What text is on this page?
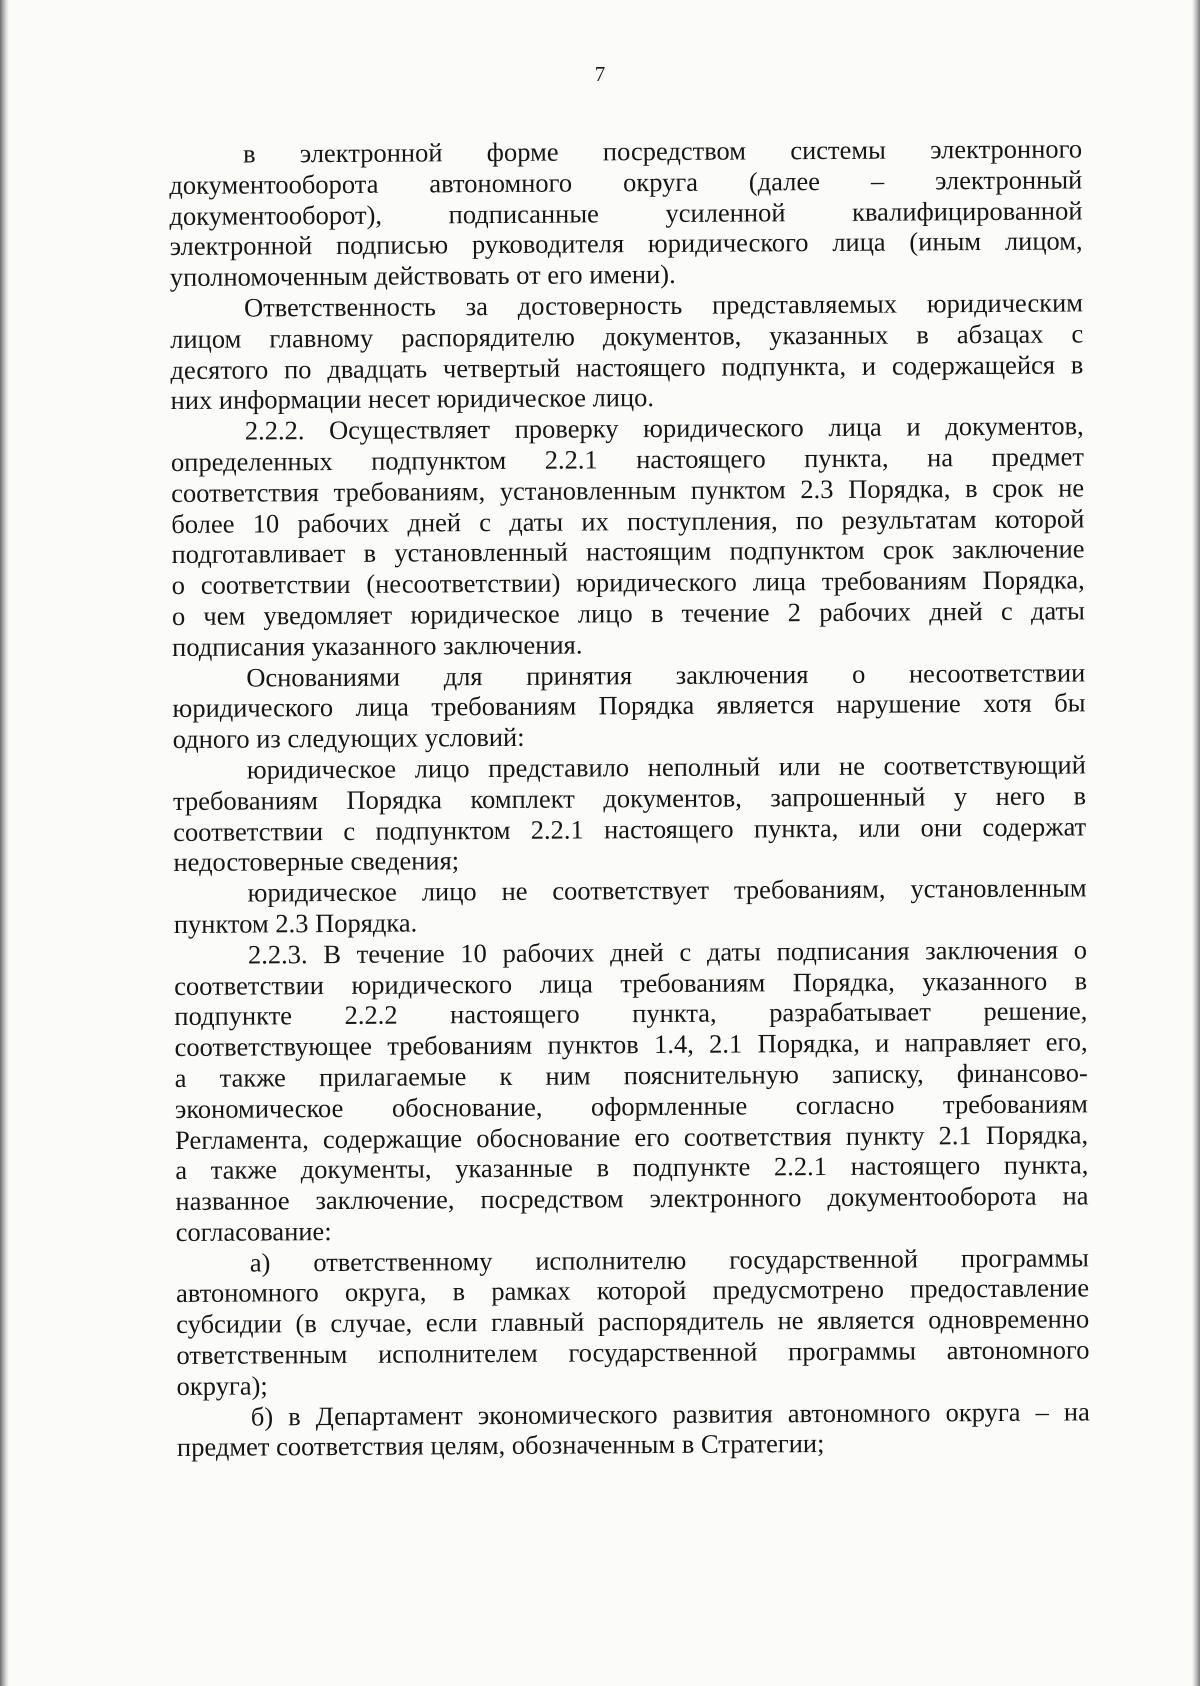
7
в электронной форме посредством системы электронного
документооборота автономного округа (далее – электронный
документооборот), подписанные усиленной квалифицированной
электронной подписью руководителя юридического лица (иным лицом,
уполномоченным действовать от его имени).
Ответственность за достоверность представляемых юридическим
лицом главному распорядителю документов, указанных в абзацах с
десятого по двадцать четвертый настоящего подпункта, и содержащейся в
них информации несет юридическое лицо.
2.2.2. Осуществляет проверку юридического лица и документов,
определенных подпунктом 2.2.1 настоящего пункта, на предмет
соответствия требованиям, установленным пунктом 2.3 Порядка, в срок не
более 10 рабочих дней с даты их поступления, по результатам которой
подготавливает в установленный настоящим подпунктом срок заключение
о соответствии (несоответствии) юридического лица требованиям Порядка,
о чем уведомляет юридическое лицо в течение 2 рабочих дней с даты
подписания указанного заключения.
Основаниями для принятия заключения о несоответствии
юридического лица требованиям Порядка является нарушение хотя бы
одного из следующих условий:
юридическое лицо представило неполный или не соответствующий
требованиям Порядка комплект документов, запрошенный у него в
соответствии с подпунктом 2.2.1 настоящего пункта, или они содержат
недостоверные сведения;
юридическое лицо не соответствует требованиям, установленным
пунктом 2.3 Порядка.
2.2.3. В течение 10 рабочих дней с даты подписания заключения о
соответствии юридического лица требованиям Порядка, указанного в
подпункте 2.2.2 настоящего пункта, разрабатывает решение,
соответствующее требованиям пунктов 1.4, 2.1 Порядка, и направляет его,
а также прилагаемые к ним пояснительную записку, финансово-
экономическое обоснование, оформленные согласно требованиям
Регламента, содержащие обоснование его соответствия пункту 2.1 Порядка,
а также документы, указанные в подпункте 2.2.1 настоящего пункта,
названное заключение, посредством электронного документооборота на
согласование:
а) ответственному исполнителю государственной программы
автономного округа, в рамках которой предусмотрено предоставление
субсидии (в случае, если главный распорядитель не является одновременно
ответственным исполнителем государственной программы автономного
округа);
б) в Департамент экономического развития автономного округа – на
предмет соответствия целям, обозначенным в Стратегии;
